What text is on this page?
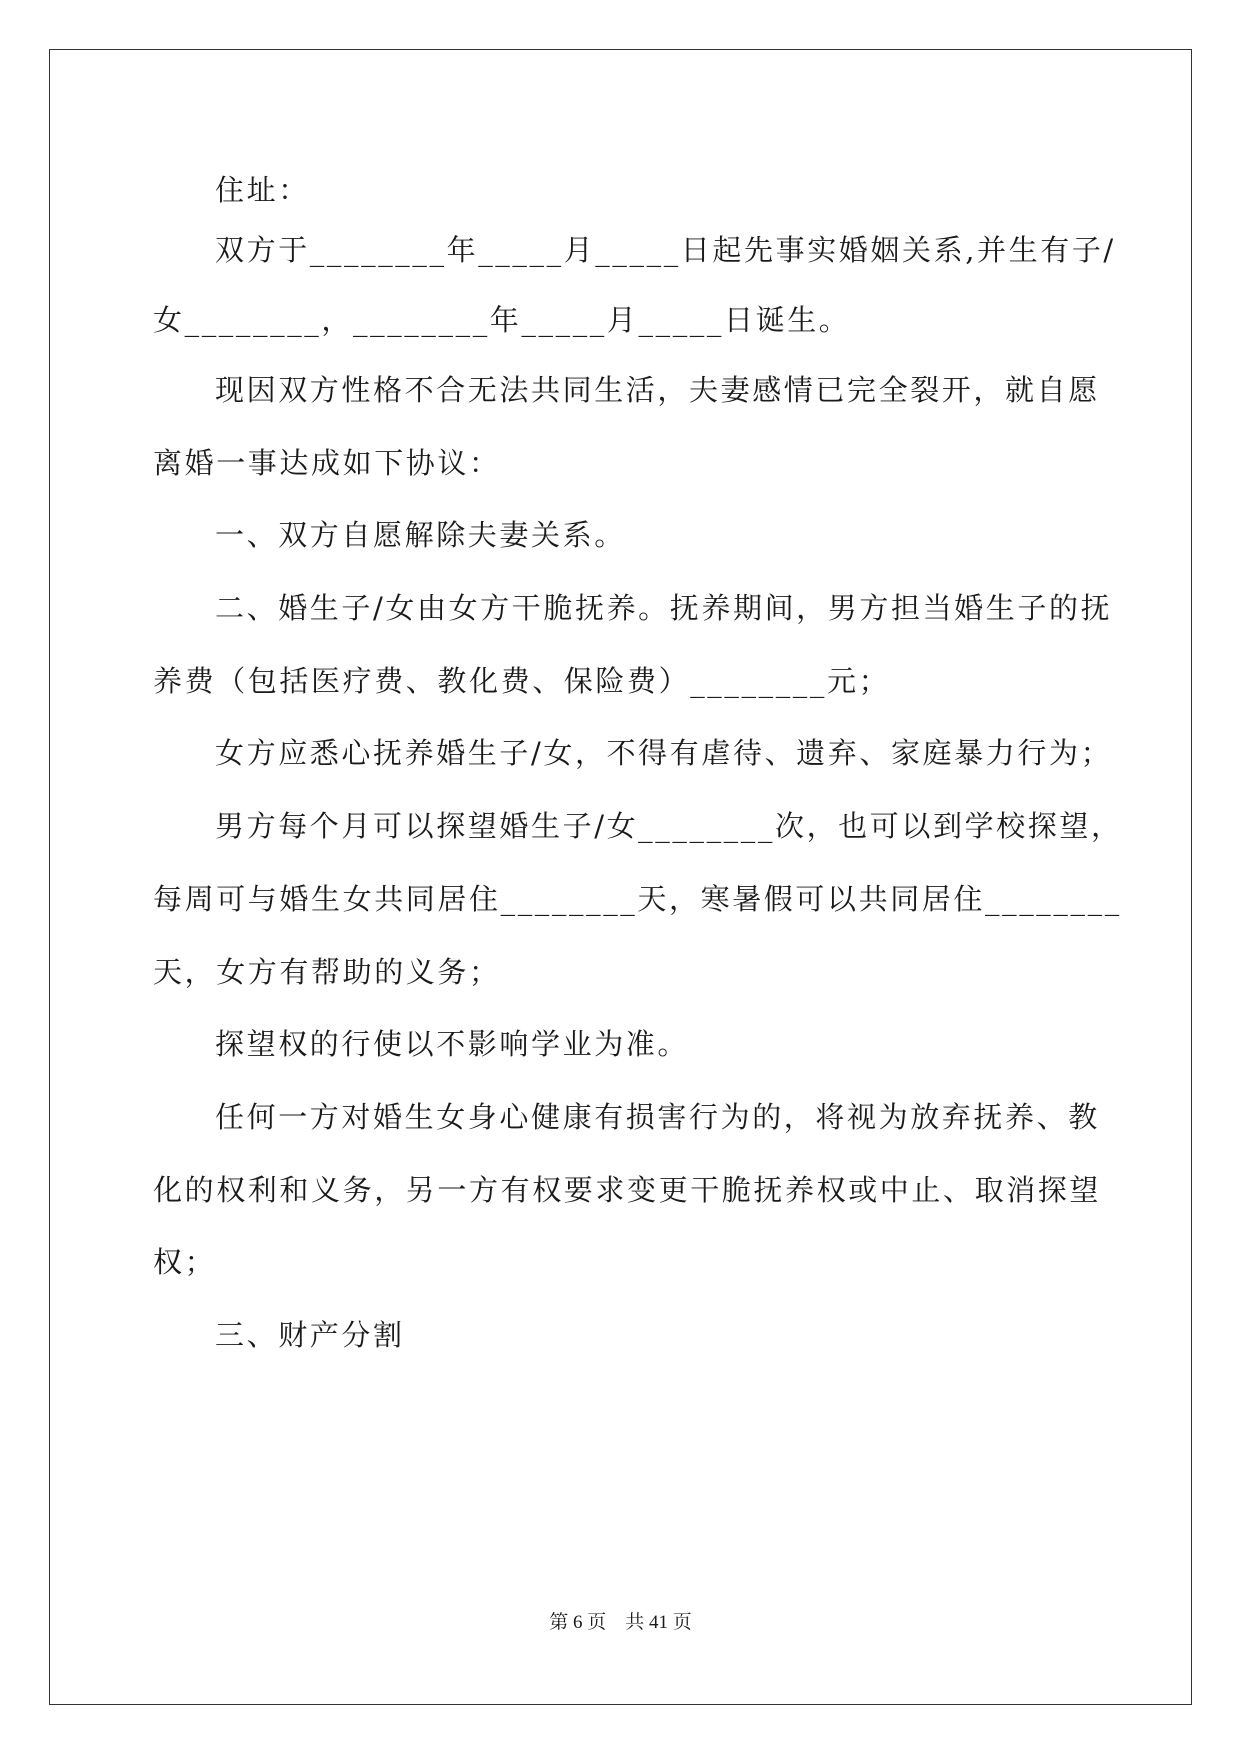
住址：
双方于________年_____月_____日起先事实婚姻关系,并生有子/
女________，________年_____月_____日诞生。
现因双方性格不合无法共同生活，夫妻感情已完全裂开，就自愿
离婚一事达成如下协议：
一、双方自愿解除夫妻关系。
二、婚生子/女由女方干脆抚养。抚养期间，男方担当婚生子的抚
养费（包括医疗费、教化费、保险费）________元；
女方应悉心抚养婚生子/女，不得有虐待、遗弃、家庭暴力行为；
男方每个月可以探望婚生子/女________次，也可以到学校探望，
每周可与婚生女共同居住________天，寒暑假可以共同居住________
天，女方有帮助的义务；
探望权的行使以不影响学业为准。
任何一方对婚生女身心健康有损害行为的，将视为放弃抚养、教
化的权利和义务，另一方有权要求变更干脆抚养权或中止、取消探望
权；
三、财产分割
第 6 页　共 41 页
